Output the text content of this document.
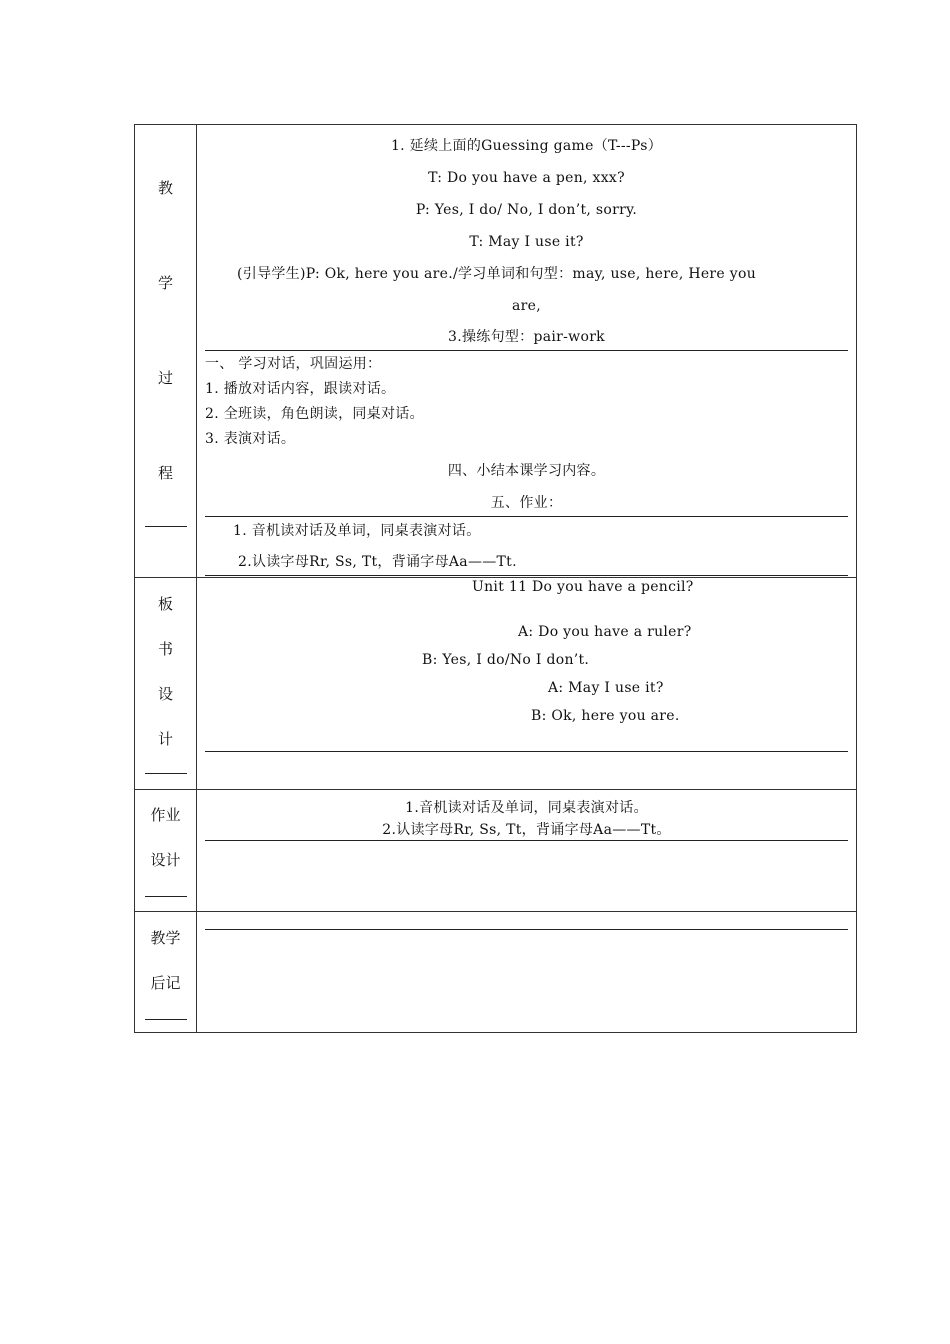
教
学
过
程
1. 延续上面的Guessing game（T---Ps）
T: Do you have a pen, xxx?
P: Yes, I do/ No, I don’t, sorry.
T: May I use it?
(引导学生)P: Ok, here you are./学习单词和句型：may, use, here, Here you
are,
3.操练句型：pair-work
一、 学习对话，巩固运用：
1. 播放对话内容，跟读对话。
2. 全班读，角色朗读，同桌对话。
3. 表演对话。
四、小结本课学习内容。
五、作业：
1. 音机读对话及单词，同桌表演对话。
2.认读字母Rr, Ss, Tt，背诵字母Aa——Tt.
板
书
设
计
Unit 11 Do you have a pencil?
A: Do you have a ruler?
B: Yes, I do/No I don’t.
A: May I use it?
B: Ok, here you are.
作业
设计
1.音机读对话及单词，同桌表演对话。
2.认读字母Rr, Ss, Tt，背诵字母Aa——Tt。
教学
后记
